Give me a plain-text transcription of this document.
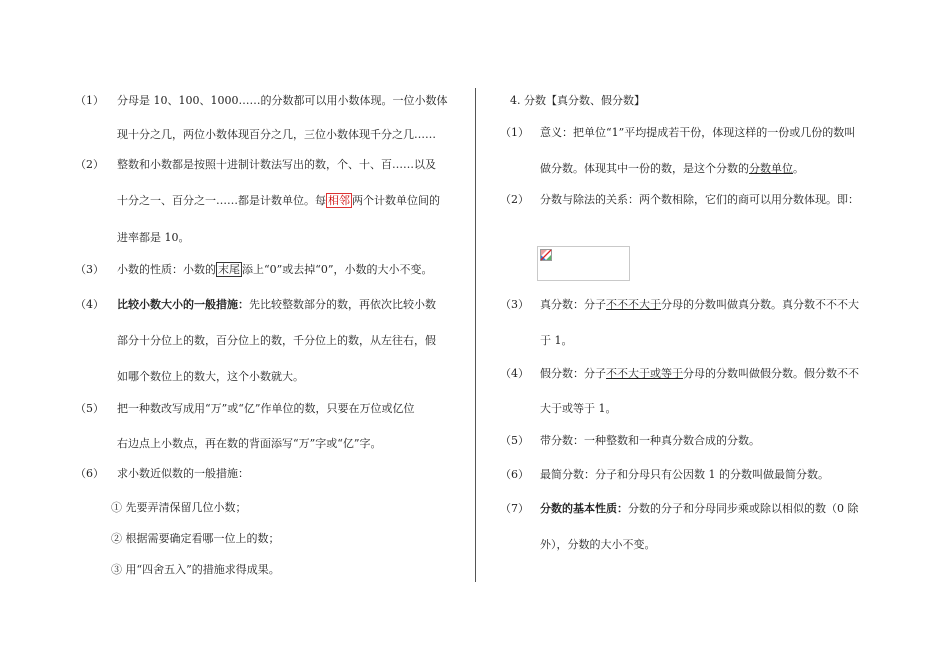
（1） 分母是 10、100、1000……的分数都可以用小数体现。一位小数体
现十分之几，两位小数体现百分之几，三位小数体现千分之几……
（2） 整数和小数都是按照十进制计数法写出的数，个、十、百……以及
十分之一、百分之一……都是计数单位。每 相邻 两个计数单位间的
进率都是 10。
（3） 小数的性质：小数的 末尾 添上“0”或去掉“0”，小数的大小不变。
（4） 比较小数大小的一般措施：先比较整数部分的数，再依次比较小数
部分十分位上的数，百分位上的数，千分位上的数，从左往右，假
如哪个数位上的数大，这个小数就大。
（5） 把一种数改写成用“万”或“亿”作单位的数，只要在万位或亿位
右边点上小数点，再在数的背面添写“万”字或“亿”字。
（6） 求小数近似数的一般措施：
① 先要弄清保留几位小数；
② 根据需要确定看哪一位上的数；
③ 用“四舍五入”的措施求得成果。
4. 分数【真分数、假分数】
（1） 意义：把单位“1”平均提成若干份，体现这样的一份或几份的数叫
做分数。体现其中一份的数，是这个分数的分数单位。
（2） 分数与除法的关系：两个数相除，它们的商可以用分数体现。即：
（3） 真分数：分子不不不大于分母的分数叫做真分数。真分数不不不大
于 1。
（4） 假分数：分子不不大于或等于分母的分数叫做假分数。假分数不不
大于或等于 1。
（5） 带分数：一种整数和一种真分数合成的分数。
（6） 最简分数：分子和分母只有公因数 1 的分数叫做最简分数。
（7） 分数的基本性质：分数的分子和分母同步乘或除以相似的数（0 除
外），分数的大小不变。
